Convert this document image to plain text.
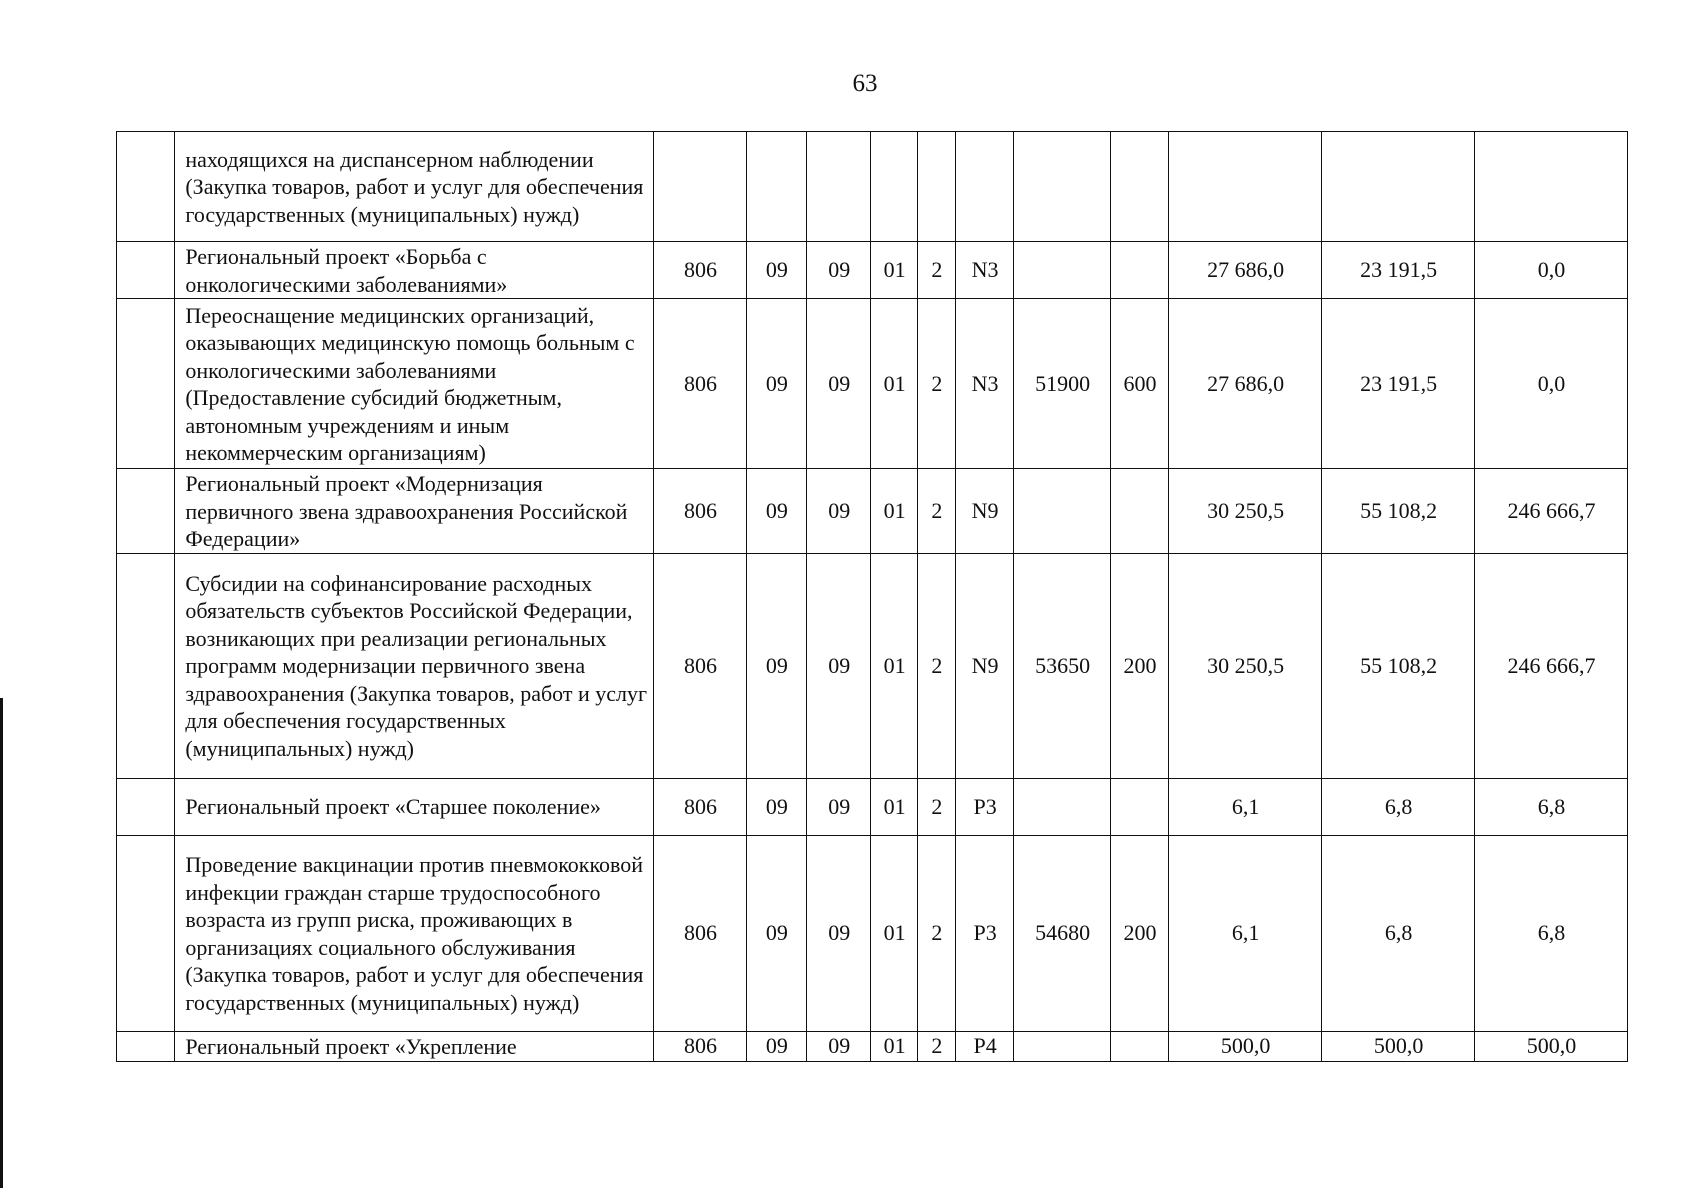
63
	находящихся на диспансерном наблюдении (Закупка товаров, работ и услуг для обеспечения государственных (муниципальных) нужд)											
	Региональный проект «Борьба с онкологическими заболеваниями»	806	09	09	01	2	N3			27 686,0	23 191,5	0,0
	Переоснащение медицинских организаций, оказывающих медицинскую помощь больным с онкологическими заболеваниями (Предоставление субсидий бюджетным, автономным учреждениям и иным некоммерческим организациям)	806	09	09	01	2	N3	51900	600	27 686,0	23 191,5	0,0
	Региональный проект «Модернизация первичного звена здравоохранения Российской Федерации»	806	09	09	01	2	N9			30 250,5	55 108,2	246 666,7
	Субсидии на софинансирование расходных обязательств субъектов Российской Федерации, возникающих при реализации региональных программ модернизации первичного звена здравоохранения (Закупка товаров, работ и услуг для обеспечения государственных (муниципальных) нужд)	806	09	09	01	2	N9	53650	200	30 250,5	55 108,2	246 666,7
	Региональный проект «Старшее поколение»	806	09	09	01	2	P3			6,1	6,8	6,8
	Проведение вакцинации против пневмококковой инфекции граждан старше трудоспособного возраста из групп риска, проживающих в организациях социального обслуживания (Закупка товаров, работ и услуг для обеспечения государственных (муниципальных) нужд)	806	09	09	01	2	P3	54680	200	6,1	6,8	6,8
	Региональный проект «Укрепление	806	09	09	01	2	P4			500,0	500,0	500,0
